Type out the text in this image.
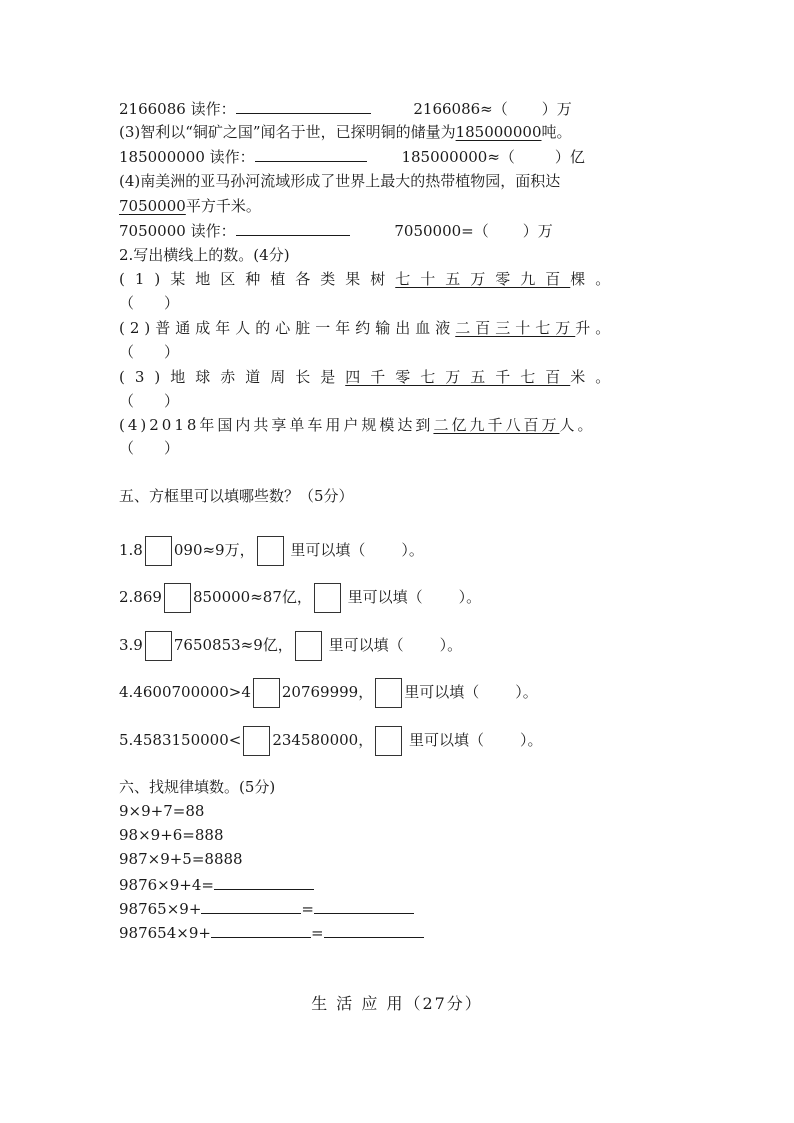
2166086 读作：	2166086≈（ ）万
(3)智利以“铜矿之国”闻名于世，已探明铜的储量为185000000吨。
185000000 读作：	185000000≈（	）亿
(4)南美洲的亚马孙河流域形成了世界上最大的热带植物园，面积达
7050000平方千米。
7050000 读作：	7050000=（ ）万
2.写出横线上的数。(4分)
(1)某地区种植各类果树七十五万零九百棵。
（　　）
(2)普通成年人的心脏一年约输出血液二百三十七万升。
（　　）
(3)地球赤道周长是四千零七万五千七百米。
（　　）
(4)2018年国内共享单车用户规模达到二亿九千八百万人。
（　　）
五、方框里可以填哪些数？（5分）
1.8 090≈9万， 里可以填（ ）。
2.869 850000≈87亿， 里可以填（ ）。
3.9 7650853≈9亿， 里可以填（ ）。
4.4600700000>4 20769999， 里可以填（ ）。
5.4583150000< 234580000， 里可以填（ ）。
六、找规律填数。(5分)
9×9+7=88
98×9+6=888
987×9+5=8888
9876×9+4=
98765×9+	=
987654×9+	=
生 活 应 用（27分）
